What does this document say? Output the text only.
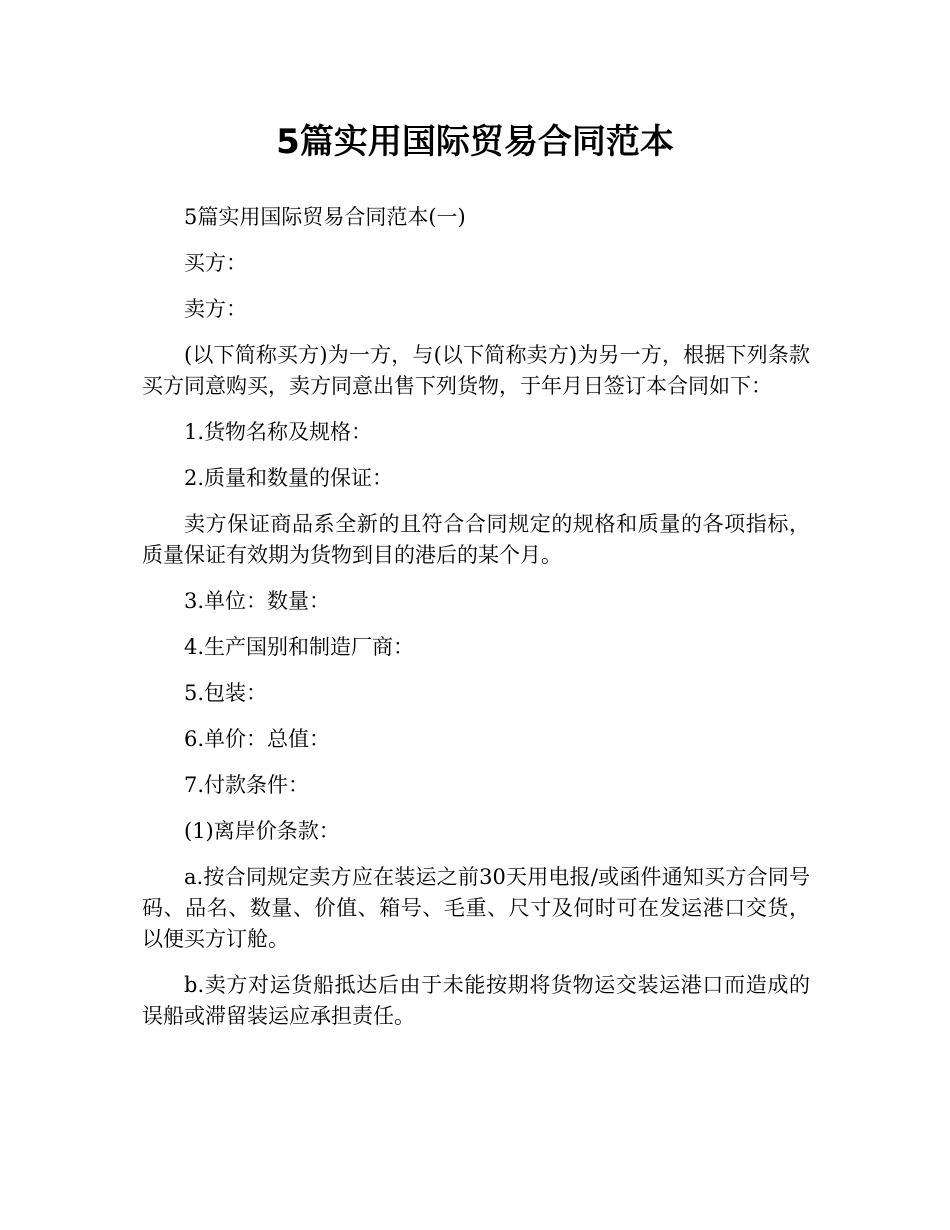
5篇实用国际贸易合同范本

5篇实用国际贸易合同范本(一)

买方：

卖方：

(以下简称买方)为一方，与(以下简称卖方)为另一方，根据下列条款买方同意购买，卖方同意出售下列货物，于年月日签订本合同如下：

1.货物名称及规格：

2.质量和数量的保证：

卖方保证商品系全新的且符合合同规定的规格和质量的各项指标，质量保证有效期为货物到目的港后的某个月。

3.单位：数量：

4.生产国别和制造厂商：

5.包装：

6.单价：总值：

7.付款条件：

(1)离岸价条款：

a.按合同规定卖方应在装运之前30天用电报/或函件通知买方合同号码、品名、数量、价值、箱号、毛重、尺寸及何时可在发运港口交货，以便买方订舱。

b.卖方对运货船抵达后由于未能按期将货物运交装运港口而造成的误船或滞留装运应承担责任。
